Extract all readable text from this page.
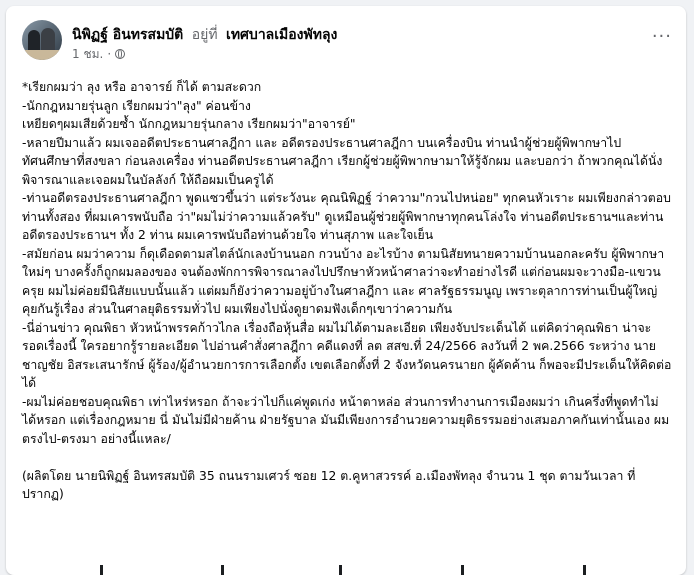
นิพิฏฐ์ อินทรสมบัติ อยู่ที่ เทศบาลเมืองพัทลุง
1 ชม. ·
···

*เรียกผมว่า ลุง หรือ อาจารย์ ก็ได้ ตามสะดวก

-นักกฎหมายรุ่นลูก เรียกผมว่า"ลุง" ค่อนข้าง

เหยียดๆผมเสียด้วยซ้ำ นักกฎหมายรุ่นกลาง เรียกผมว่า"อาจารย์"

-หลายปีมาแล้ว ผมเจออดีตประธานศาลฎีกา และ อดีตรองประธานศาลฎีกา บนเครื่องบิน ท่านนำผู้ช่วยผู้พิพากษาไปทัศนศึกษาที่สงขลา ก่อนลงเครื่อง ท่านอดีตประธานศาลฎีกา เรียกผู้ช่วยผู้พิพากษามาให้รู้จักผม และบอกว่า ถ้าพวกคุณได้นั่งพิจารณาและเจอผมในบัลลังก์ ให้ถือผมเป็นครูได้

-ท่านอดีตรองประธานศาลฎีกา พูดแซวขึ้นว่า แต่ระวังนะ คุณนิพิฏฐ์ ว่าความ"กวนไปหน่อย" ทุกคนหัวเราะ ผมเพียงกล่าวตอบท่านทั้งสอง ที่ผมเคารพนับถือ ว่า"ผมไม่ว่าความแล้วครับ" ดูเหมือนผู้ช่วยผู้พิพากษาทุกคนโล่งใจ ท่านอดีตประธานฯและท่านอดีตรองประธานฯ ทั้ง 2 ท่าน ผมเคารพนับถือท่านด้วยใจ ท่านสุภาพ และใจเย็น

-สมัยก่อน ผมว่าความ ก็ดุเดือดตามสไตล์นักเลงบ้านนอก กวนบ้าง อะไรบ้าง ตามนิสัยทนายความบ้านนอกละครับ ผู้พิพากษาใหม่ๆ บางครั้งก็ถูกผมลองของ จนต้องพักการพิจารณาลงไปปรึกษาหัวหน้าศาลว่าจะทำอย่างไรดี แต่ก่อนผมจะวางมือ-แขวนครุย ผมไม่ค่อยมีนิสัยแบบนั้นแล้ว แต่ผมก็ยังว่าความอยู่บ้างในศาลฎีกา และ ศาลรัฐธรรมนูญ เพราะตุลาการท่านเป็นผู้ใหญ่ คุยกันรู้เรื่อง ส่วนในศาลยุติธรรมทั่วไป ผมเพียงไปนั่งดูยาดมฟังเด็กๆเขาว่าความกัน

-นี่อ่านข่าว คุณพิธา หัวหน้าพรรคก้าวไกล เรื่องถือหุ้นสื่อ ผมไม่ได้ตามละเอียด เพียงจับประเด็นได้ แต่คิดว่าคุณพิธา น่าจะรอดเรื่องนี้ ใครอยากรู้รายละเอียด ไปอ่านคำสั่งศาลฎีกา คดีแดงที่ ลต สสข.ที่ 24/2566 ลงวันที่ 2 พค.2566 ระหว่าง นายชาญชัย อิสระเสนารักษ์ ผู้ร้อง/ผู้อำนวยการการเลือกตั้ง เขตเลือกตั้งที่ 2 จังหวัดนครนายก ผู้คัดค้าน ก็พอจะมีประเด็นให้คิดต่อได้

-ผมไม่ค่อยชอบคุณพิธา เท่าไหร่หรอก ถ้าจะว่าไปก็แค่พูดเก่ง หน้าตาหล่อ ส่วนการทำงานการเมืองผมว่า เกินครึ่งที่พูดทำไม่ได้หรอก แต่เรื่องกฎหมาย นี่ มันไม่มีฝ่ายค้าน ฝ่ายรัฐบาล มันมีเพียงการอำนวยความยุติธรรมอย่างเสมอภาคกันเท่านั้นเอง ผมตรงไป-ตรงมา อย่างนี้แหละ/

(ผลิตโดย นายนิพิฏฐ์ อินทรสมบัติ 35 ถนนรามเศวร์ ซอย 12 ต.คูหาสวรรค์ อ.เมืองพัทลุง จำนวน 1 ชุด ตามวันเวลา ที่ปรากฏ)
